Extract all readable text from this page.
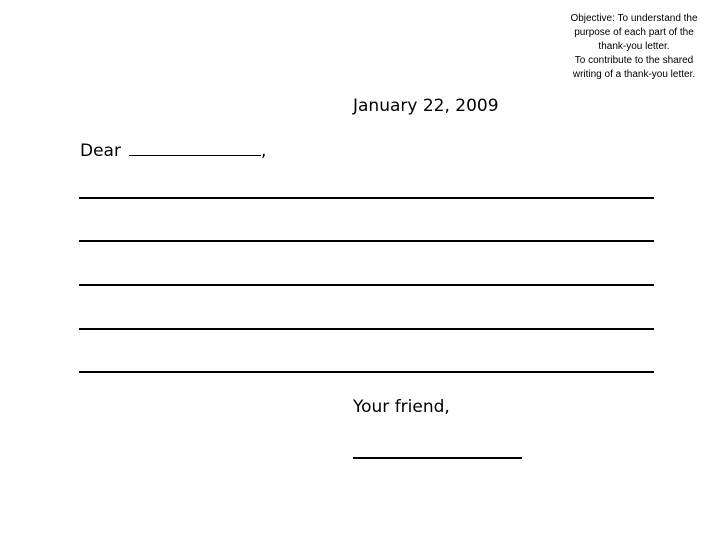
Objective: To understand the
purpose of each part of the
thank-you letter.
To contribute to the shared
writing of a thank-you letter.
January 22, 2009
Dear	,
Your friend,
